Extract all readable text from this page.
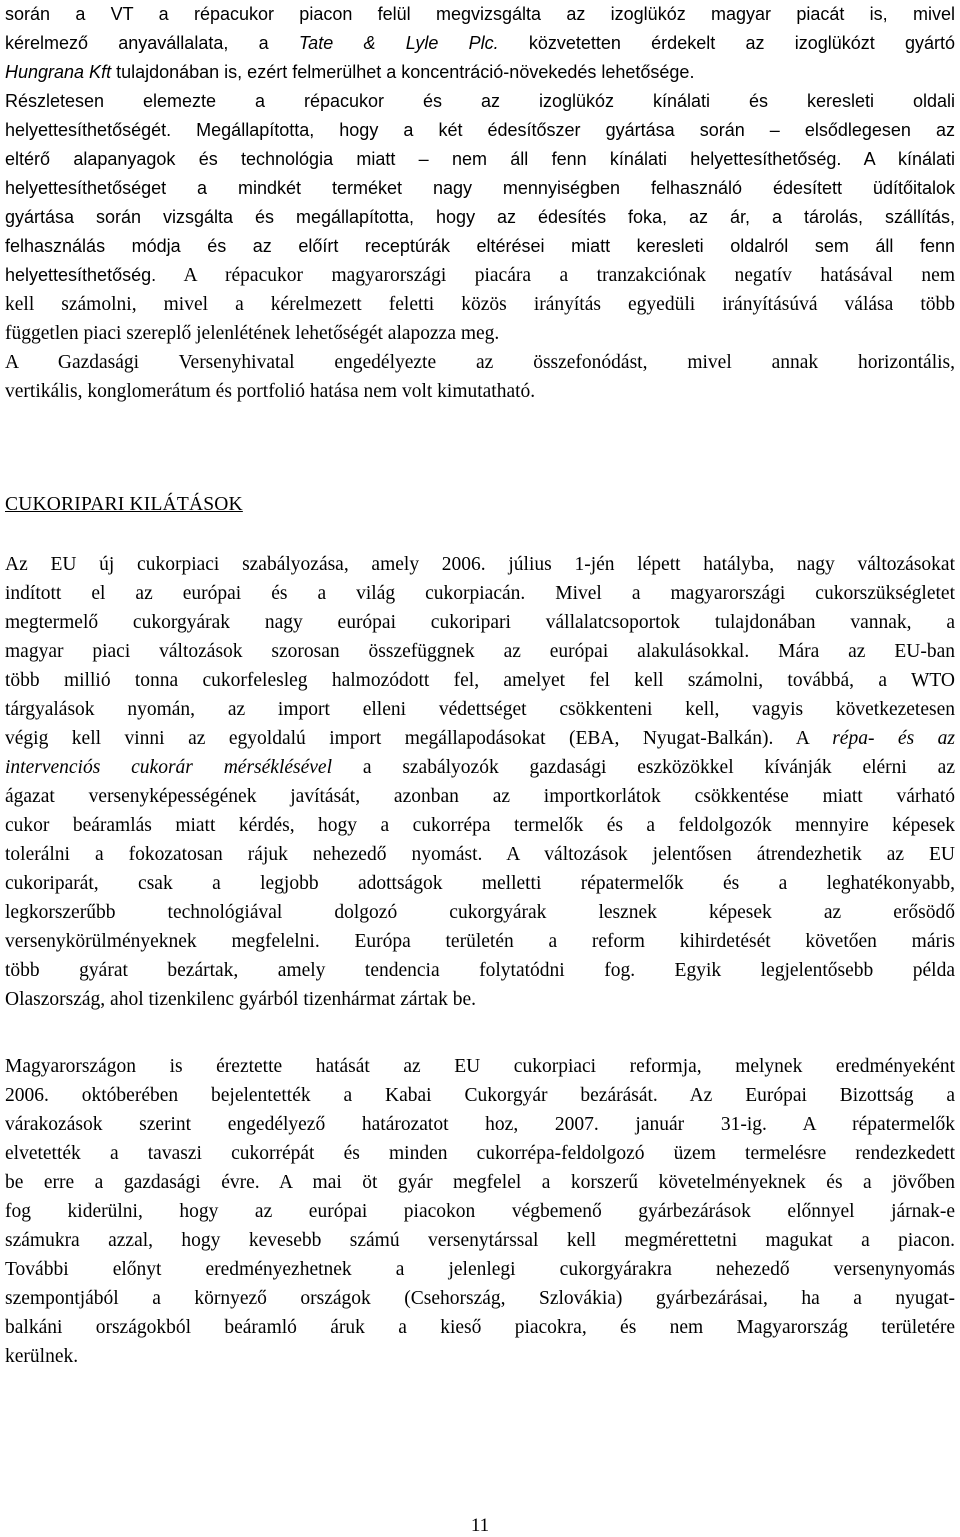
során a VT a répacukor piacon felül megvizsgálta az izoglükóz magyar piacát is, mivel
kérelmező anyavállalata, a Tate & Lyle Plc. közvetetten érdekelt az izoglükózt gyártó
Hungrana Kft tulajdonában is, ezért felmerülhet a koncentráció-növekedés lehetősége.
Részletesen elemezte a répacukor és az izoglükóz kínálati és keresleti oldali
helyettesíthetőségét. Megállapította, hogy a két édesítőszer gyártása során – elsődlegesen az
eltérő alapanyagok és technológia miatt – nem áll fenn kínálati helyettesíthetőség. A kínálati
helyettesíthetőséget a mindkét terméket nagy mennyiségben felhasználó édesített üdítőitalok
gyártása során vizsgálta és megállapította, hogy az édesítés foka, az ár, a tárolás, szállítás,
felhasználás módja és az előírt receptúrák eltérései miatt keresleti oldalról sem áll fenn
helyettesíthetőség. A répacukor magyarországi piacára a tranzakciónak negatív hatásával nem
kell számolni, mivel a kérelmezett feletti közös irányítás egyedüli irányításúvá válása több
független piaci szereplő jelenlétének lehetőségét alapozza meg.
A Gazdasági Versenyhivatal engedélyezte az összefonódást, mivel annak horizontális,
vertikális, konglomerátum és portfolió hatása nem volt kimutatható.
CUKORIPARI KILÁTÁSOK
Az EU új cukorpiaci szabályozása, amely 2006. július 1-jén lépett hatályba, nagy változásokat
indított el az európai és a világ cukorpiacán. Mivel a magyarországi cukorszükségletet
megtermelő cukorgyárak nagy európai cukoripari vállalatcsoportok tulajdonában vannak, a
magyar piaci változások szorosan összefüggnek az európai alakulásokkal. Mára az EU-ban
több millió tonna cukorfelesleg halmozódott fel, amelyet fel kell számolni, továbbá, a WTO
tárgyalások nyomán, az import elleni védettséget csökkenteni kell, vagyis következetesen
végig kell vinni az egyoldalú import megállapodásokat (EBA, Nyugat-Balkán). A répa- és az
intervenciós cukorár mérséklésével a szabályozók gazdasági eszközökkel kívánják elérni az
ágazat versenyképességének javítását, azonban az importkorlátok csökkentése miatt várható
cukor beáramlás miatt kérdés, hogy a cukorrépa termelők és a feldolgozók mennyire képesek
tolerálni a fokozatosan rájuk nehezedő nyomást. A változások jelentősen átrendezhetik az EU
cukoriparát, csak a legjobb adottságok melletti répatermelők és a leghatékonyabb,
legkorszerűbb technológiával dolgozó cukorgyárak lesznek képesek az erősödő
versenykörülményeknek megfelelni. Európa területén a reform kihirdetését követően máris
több gyárat bezártak, amely tendencia folytatódni fog. Egyik legjelentősebb példa
Olaszország, ahol tizenkilenc gyárból tizenhármat zártak be.
Magyarországon is éreztette hatását az EU cukorpiaci reformja, melynek eredményeként
2006. októberében bejelentették a Kabai Cukorgyár bezárását. Az Európai Bizottság a
várakozások szerint engedélyező határozatot hoz, 2007. január 31-ig. A répatermelők
elvetették a tavaszi cukorrépát és minden cukorrépa-feldolgozó üzem termelésre rendezkedett
be erre a gazdasági évre. A mai öt gyár megfelel a korszerű követelményeknek és a jövőben
fog kiderülni, hogy az európai piacokon végbemenő gyárbezárások előnnyel járnak-e
számukra azzal, hogy kevesebb számú versenytárssal kell megmérettetni magukat a piacon.
További előnyt eredményezhetnek a jelenlegi cukorgyárakra nehezedő versenynyomás
szempontjából a környező országok (Csehország, Szlovákia) gyárbezárásai, ha a nyugat-
balkáni országokból beáramló áruk a kieső piacokra, és nem Magyarország területére
kerülnek.
11
